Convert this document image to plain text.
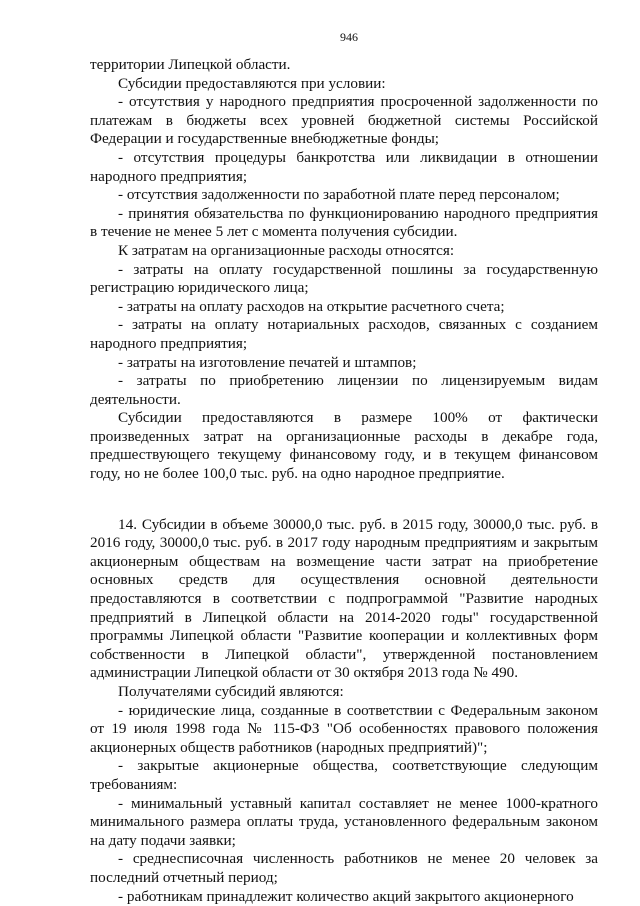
946

территории Липецкой области.

Субсидии предоставляются при условии:

- отсутствия у народного предприятия просроченной задолженности по платежам в бюджеты всех уровней бюджетной системы Российской Федерации и государственные внебюджетные фонды;

- отсутствия процедуры банкротства или ликвидации в отношении народного предприятия;

- отсутствия задолженности по заработной плате перед персоналом;

- принятия обязательства по функционированию народного предприятия в течение не менее 5 лет с момента получения субсидии.

К затратам на организационные расходы относятся:

- затраты на оплату государственной пошлины за государственную регистрацию юридического лица;

- затраты на оплату расходов на открытие расчетного счета;

- затраты на оплату нотариальных расходов, связанных с созданием народного предприятия;

- затраты на изготовление печатей и штампов;

- затраты по приобретению лицензии по лицензируемым видам деятельности.

Субсидии предоставляются в размере 100% от фактически произведенных затрат на организационные расходы в декабре года, предшествующего текущему финансовому году, и в текущем финансовом году, но не более 100,0 тыс. руб. на одно народное предприятие.

14. Субсидии в объеме 30000,0 тыс. руб. в 2015 году, 30000,0 тыс. руб. в 2016 году, 30000,0 тыс. руб. в 2017 году народным предприятиям и закрытым акционерным обществам на возмещение части затрат на приобретение основных средств для осуществления основной деятельности предоставляются в соответствии с подпрограммой "Развитие народных предприятий в Липецкой области на 2014-2020 годы" государственной программы Липецкой области "Развитие кооперации и коллективных форм собственности в Липецкой области", утвержденной постановлением администрации Липецкой области от 30 октября 2013 года № 490.

Получателями субсидий являются:

- юридические лица, созданные в соответствии с Федеральным законом от 19 июля 1998 года № 115-ФЗ "Об особенностях правового положения акционерных обществ работников (народных предприятий)";

- закрытые акционерные общества, соответствующие следующим требованиям:

- минимальный уставный капитал составляет не менее 1000-кратного минимального размера оплаты труда, установленного федеральным законом на дату подачи заявки;

- среднесписочная численность работников не менее 20 человек за последний отчетный период;

- работникам принадлежит количество акций закрытого акционерного
